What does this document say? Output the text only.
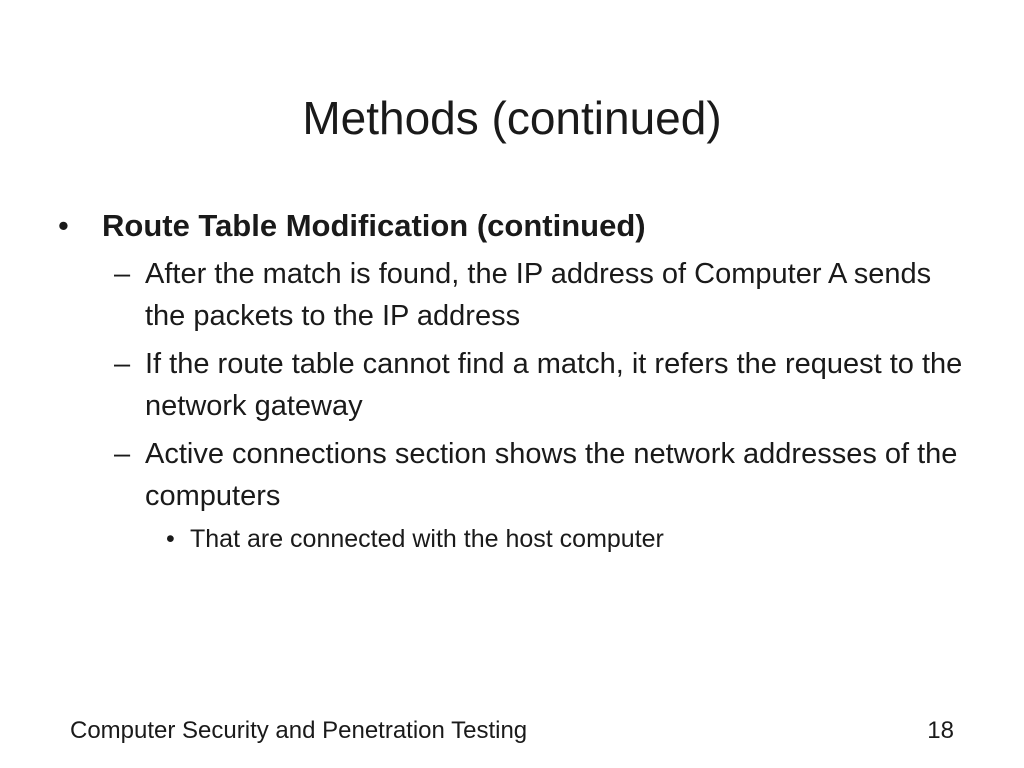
Methods (continued)
• Route Table Modification (continued)
– After the match is found, the IP address of Computer A sends the packets to the IP address
– If the route table cannot find a match, it refers the request to the network gateway
– Active connections section shows the network addresses of the computers
• That are connected with the host computer
Computer Security and Penetration Testing	18
